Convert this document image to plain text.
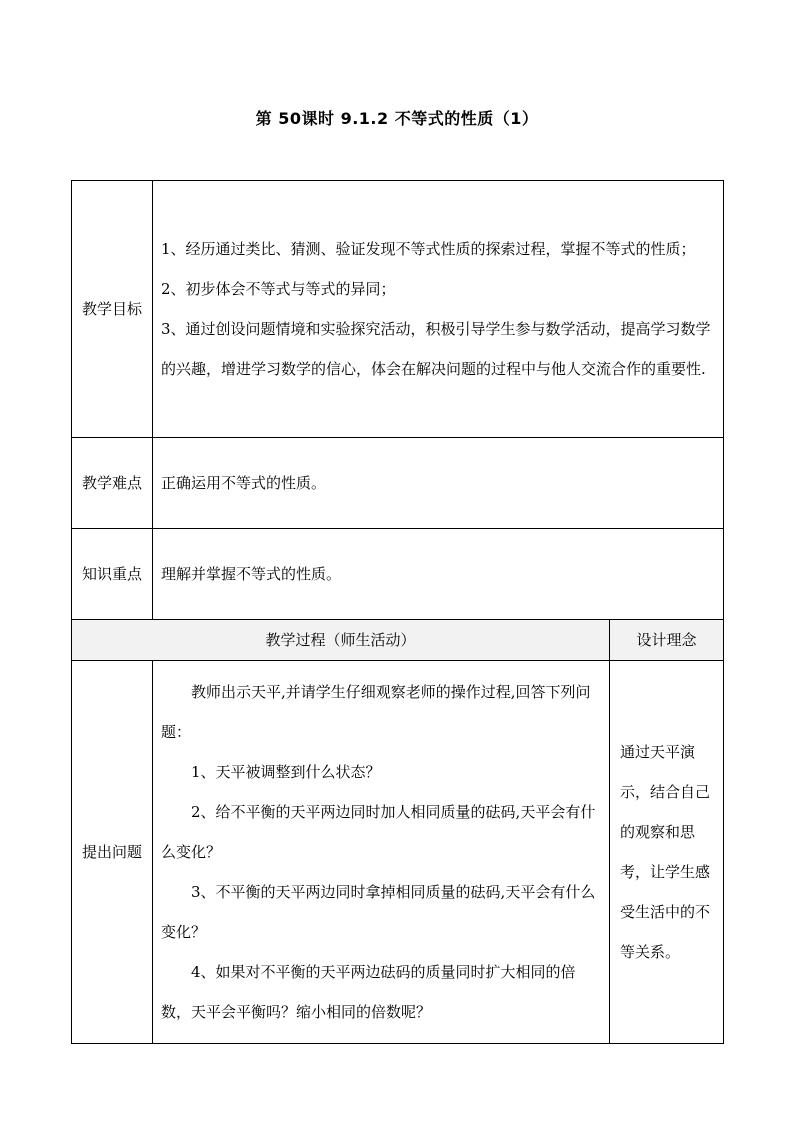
第 50课时 9.1.2 不等式的性质（1）
教学目标	1、经历通过类比、猜测、验证发现不等式性质的探索过程，掌握不等式的性质；

2、初步体会不等式与等式的异同；

3、通过创设问题情境和实验探究活动，积极引导学生参与数学活动，提高学习数学的兴趣，增进学习数学的信心，体会在解决问题的过程中与他人交流合作的重要性.	

教学难点	正确运用不等式的性质。	
知识重点	理解并掌握不等式的性质。	
教学过程（师生活动）		设计理念
提出问题	教师出示天平,并请学生仔细观察老师的操作过程,回答下列问题：

1、天平被调整到什么状态？

2、给不平衡的天平两边同时加人相同质量的砝码,天平会有什么变化？

3、不平衡的天平两边同时拿掉相同质量的砝码,天平会有什么变化？

4、如果对不平衡的天平两边砝码的质量同时扩大相同的倍数，天平会平衡吗？缩小相同的倍数呢？	通过天平演示，结合自己的观察和思考，让学生感受生活中的不等关系。
